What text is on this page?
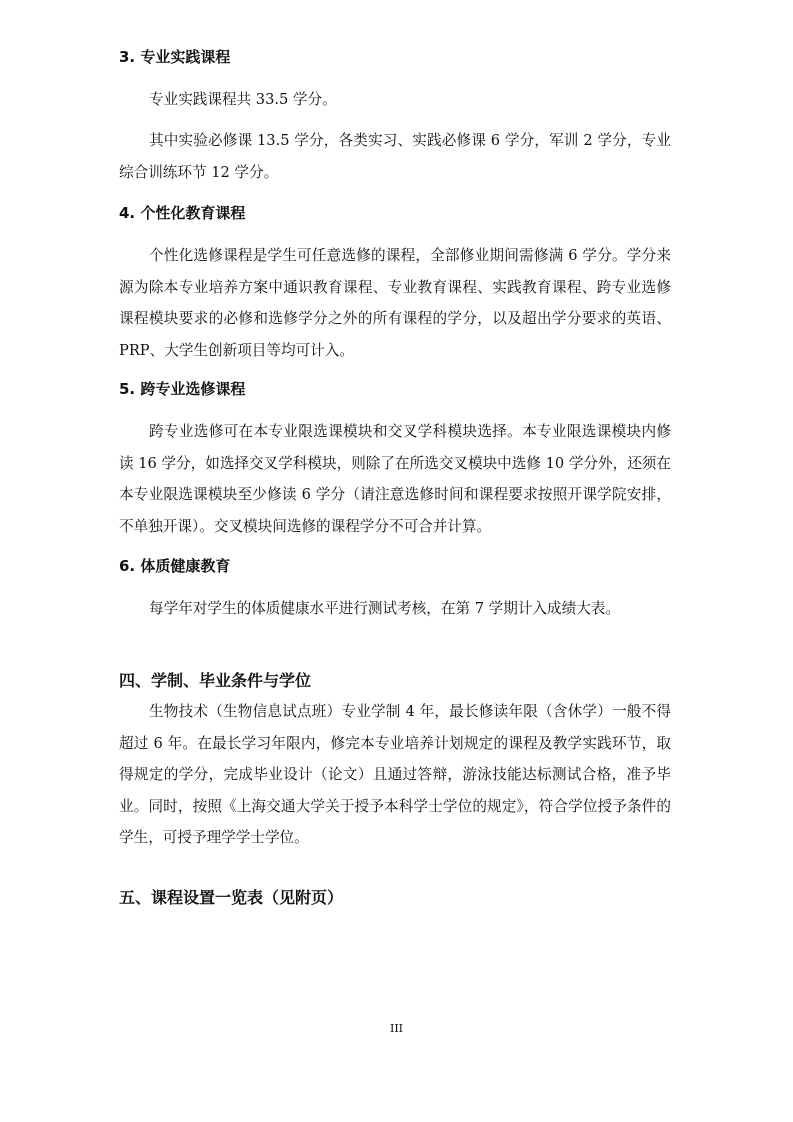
3. 专业实践课程

专业实践课程共 33.5 学分。

其中实验必修课 13.5 学分，各类实习、实践必修课 6 学分，军训 2 学分，专业综合训练环节 12 学分。

4. 个性化教育课程

个性化选修课程是学生可任意选修的课程，全部修业期间需修满 6 学分。学分来源为除本专业培养方案中通识教育课程、专业教育课程、实践教育课程、跨专业选修课程模块要求的必修和选修学分之外的所有课程的学分，以及超出学分要求的英语、PRP、大学生创新项目等均可计入。

5. 跨专业选修课程

跨专业选修可在本专业限选课模块和交叉学科模块选择。本专业限选课模块内修读 16 学分，如选择交叉学科模块，则除了在所选交叉模块中选修 10 学分外，还须在本专业限选课模块至少修读 6 学分（请注意选修时间和课程要求按照开课学院安排，不单独开课）。交叉模块间选修的课程学分不可合并计算。

6. 体质健康教育

每学年对学生的体质健康水平进行测试考核，在第 7 学期计入成绩大表。

四、学制、毕业条件与学位

生物技术（生物信息试点班）专业学制 4 年，最长修读年限（含休学）一般不得超过 6 年。在最长学习年限内，修完本专业培养计划规定的课程及教学实践环节，取得规定的学分，完成毕业设计（论文）且通过答辩，游泳技能达标测试合格，准予毕业。同时，按照《上海交通大学关于授予本科学士学位的规定》，符合学位授予条件的学生，可授予理学学士学位。

五、课程设置一览表（见附页）
III
